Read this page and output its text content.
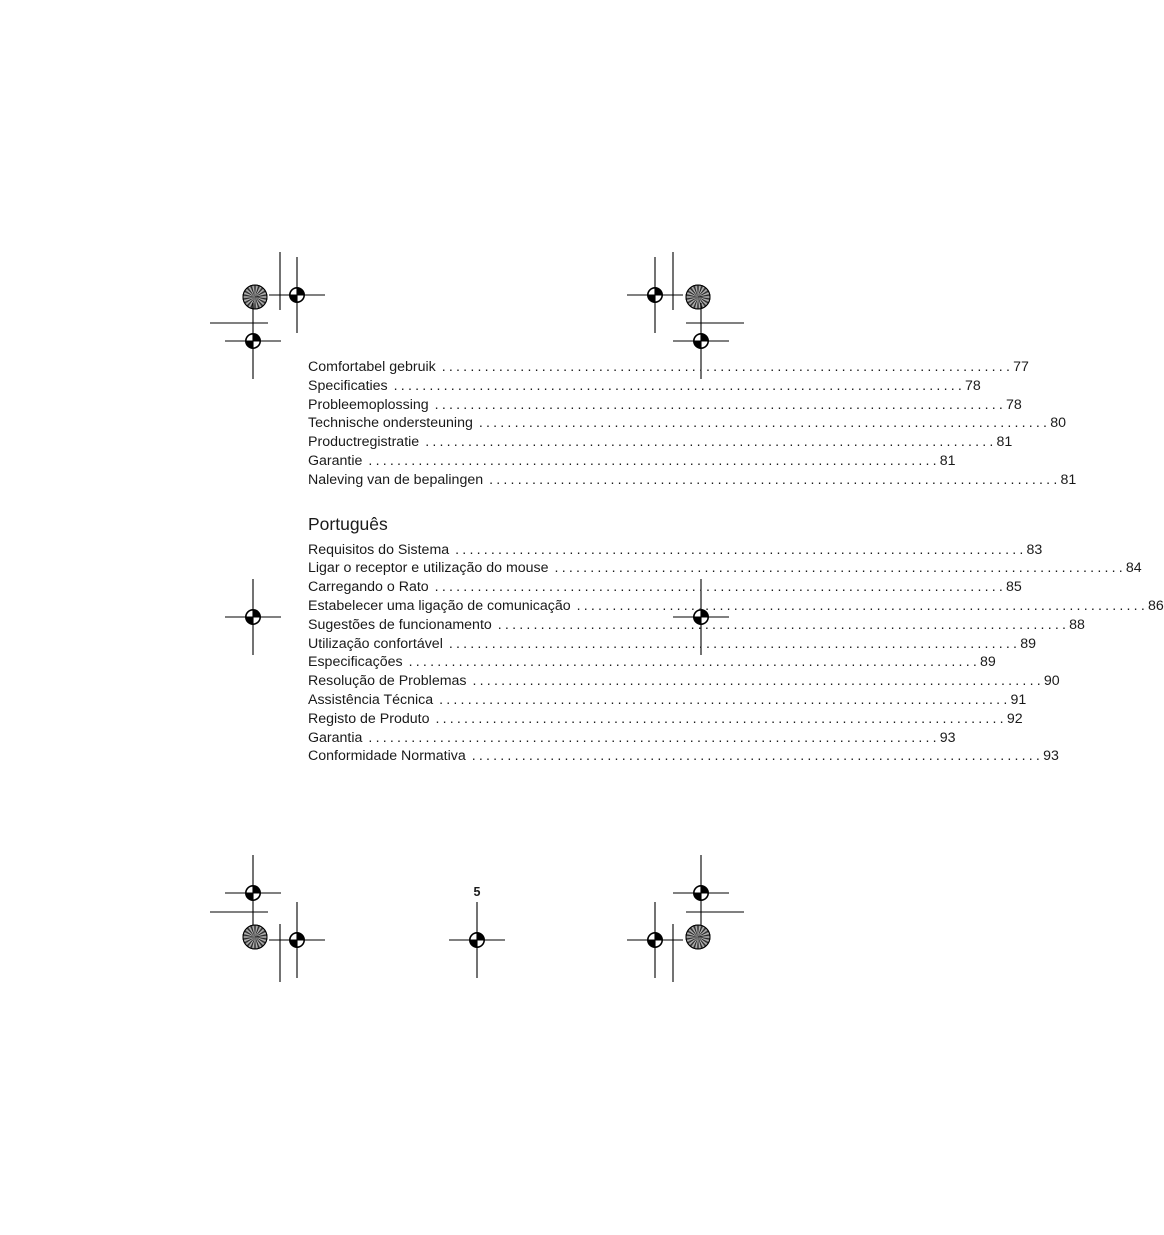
Comfortabel gebruik ................................................................................ 77
Specificaties ................................................................................ 78
Probleemoplossing ................................................................................ 78
Technische ondersteuning ................................................................................ 80
Productregistratie ................................................................................ 81
Garantie ................................................................................ 81
Naleving van de bepalingen ................................................................................ 81
Português
Requisitos do Sistema ................................................................................ 83
Ligar o receptor e utilização do mouse ................................................................................ 84
Carregando o Rato ................................................................................ 85
Estabelecer uma ligação de comunicação ................................................................................ 86
Sugestões de funcionamento ................................................................................ 88
Utilização confortável ................................................................................ 89
Especificações ................................................................................ 89
Resolução de Problemas ................................................................................ 90
Assistência Técnica ................................................................................ 91
Registo de Produto ................................................................................ 92
Garantia ................................................................................ 93
Conformidade Normativa ................................................................................ 93
5
